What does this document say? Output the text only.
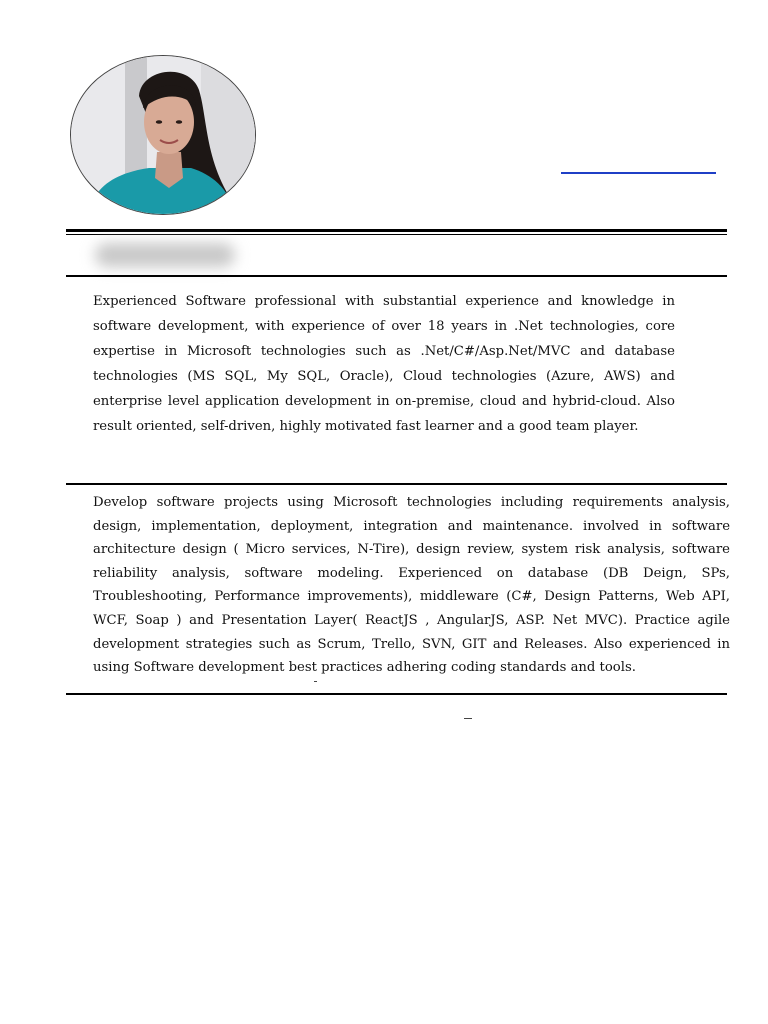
Experienced Software professional with substantial experience and knowledge in software development, with experience of over 18 years in .Net technologies, core expertise in Microsoft technologies such as .Net/C#/Asp.Net/MVC and database technologies (MS SQL, My SQL, Oracle), Cloud technologies (Azure, AWS) and enterprise level application development in on-premise, cloud and hybrid-cloud. Also result oriented, self-driven, highly motivated fast learner and a good team player.

Develop software projects using Microsoft technologies including requirements analysis, design, implementation, deployment, integration and maintenance. involved in software architecture design ( Micro services, N-Tire), design review, system risk analysis, software reliability analysis, software modeling. Experienced on database (DB Deign, SPs, Troubleshooting, Performance improvements), middleware (C#, Design Patterns, Web API, WCF, Soap ) and Presentation Layer( ReactJS , AngularJS, ASP. Net MVC). Practice agile development strategies such as Scrum, Trello, SVN, GIT and Releases. Also experienced in using Software development best practices adhering coding standards and tools.
